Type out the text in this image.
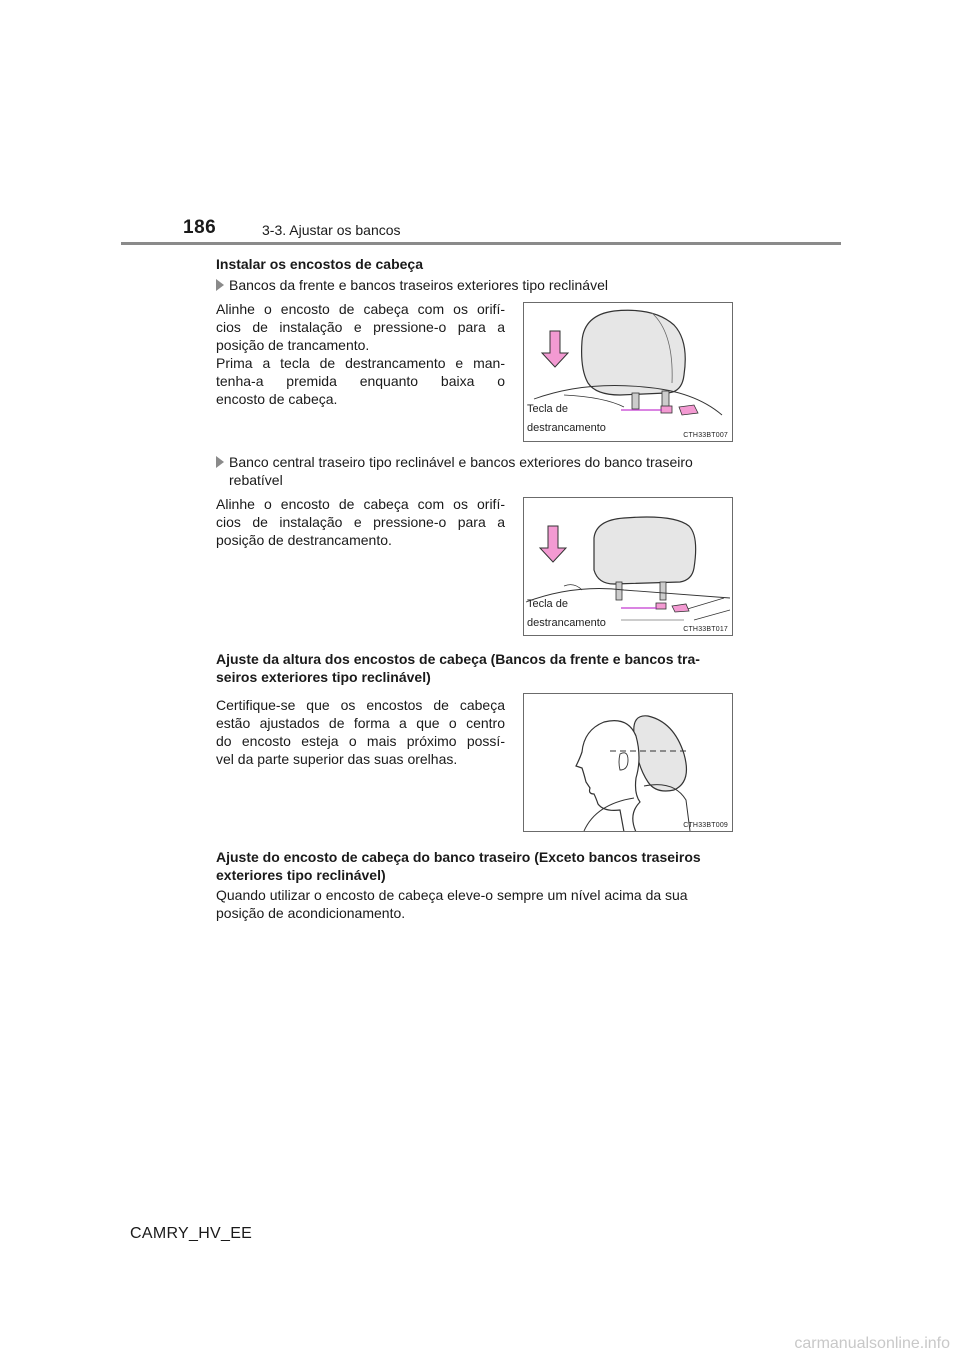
186	3-3. Ajustar os bancos
Instalar os encostos de cabeça
Bancos da frente e bancos traseiros exteriores tipo reclinável
Alinhe o encosto de cabeça com os orifí-
cios de instalação e pressione-o para a
posição de trancamento.
Prima a tecla de destrancamento e man-
tenha-a premida enquanto baixa o
encosto de cabeça.
Tecla de
destrancamento
CTH33BT007
Banco central traseiro tipo reclinável e bancos exteriores do banco traseiro
rebatível
Alinhe o encosto de cabeça com os orifí-
cios de instalação e pressione-o para a
posição de destrancamento.
Tecla de
destrancamento
CTH33BT017
Ajuste da altura dos encostos de cabeça (Bancos da frente e bancos tra-
seiros exteriores tipo reclinável)
Certifique-se que os encostos de cabeça
estão ajustados de forma a que o centro
do encosto esteja o mais próximo possí-
vel da parte superior das suas orelhas.
CTH33BT009
Ajuste do encosto de cabeça do banco traseiro (Exceto bancos traseiros
exteriores tipo reclinável)
Quando utilizar o encosto de cabeça eleve-o sempre um nível acima da sua
posição de acondicionamento.
CAMRY_HV_EE
carmanualsonline.info
